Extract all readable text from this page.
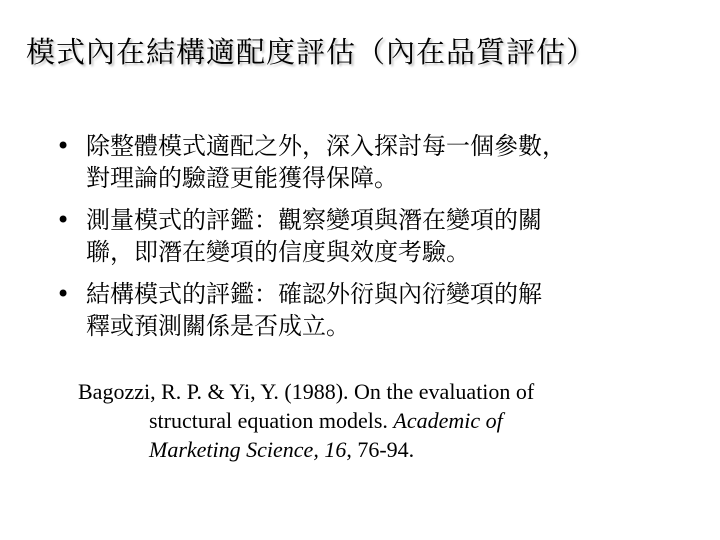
模式內在結構適配度評估（內在品質評估）
• 除整體模式適配之外，深入探討每一個參數，
對理論的驗證更能獲得保障。
• 測量模式的評鑑：觀察變項與潛在變項的關
聯，即潛在變項的信度與效度考驗。
• 結構模式的評鑑：確認外衍與內衍變項的解
釋或預測關係是否成立。
Bagozzi, R. P. & Yi, Y. (1988). On the evaluation of
structural equation models. Academic of
Marketing Science, 16, 76-94.
